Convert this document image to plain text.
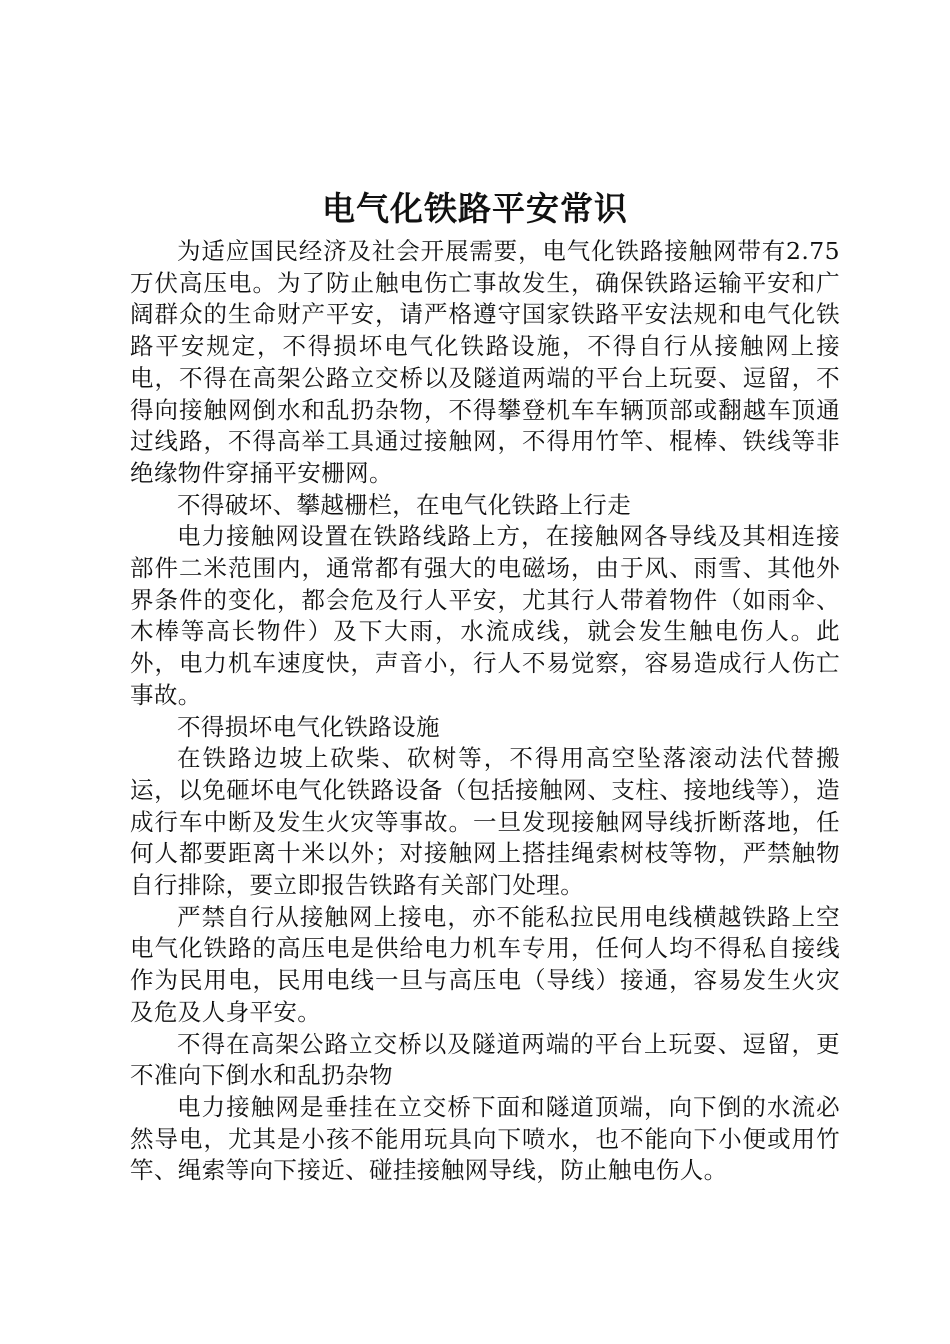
电气化铁路平安常识

为适应国民经济及社会开展需要，电气化铁路接触网带有2.75万伏高压电。为了防止触电伤亡事故发生，确保铁路运输平安和广阔群众的生命财产平安，请严格遵守国家铁路平安法规和电气化铁路平安规定，不得损坏电气化铁路设施，不得自行从接触网上接电，不得在高架公路立交桥以及隧道两端的平台上玩耍、逗留，不得向接触网倒水和乱扔杂物，不得攀登机车车辆顶部或翻越车顶通过线路，不得高举工具通过接触网，不得用竹竿、棍棒、铁线等非绝缘物件穿捅平安栅网。

不得破坏、攀越栅栏，在电气化铁路上行走

电力接触网设置在铁路线路上方，在接触网各导线及其相连接部件二米范围内，通常都有强大的电磁场，由于风、雨雪、其他外界条件的变化，都会危及行人平安，尤其行人带着物件（如雨伞、木棒等高长物件）及下大雨，水流成线，就会发生触电伤人。此外，电力机车速度快，声音小，行人不易觉察，容易造成行人伤亡事故。

不得损坏电气化铁路设施

在铁路边坡上砍柴、砍树等，不得用高空坠落滚动法代替搬运，以免砸坏电气化铁路设备（包括接触网、支柱、接地线等），造成行车中断及发生火灾等事故。一旦发现接触网导线折断落地，任何人都要距离十米以外；对接触网上搭挂绳索树枝等物，严禁触物自行排除，要立即报告铁路有关部门处理。

严禁自行从接触网上接电，亦不能私拉民用电线横越铁路上空电气化铁路的高压电是供给电力机车专用，任何人均不得私自接线作为民用电，民用电线一旦与高压电（导线）接通，容易发生火灾及危及人身平安。

不得在高架公路立交桥以及隧道两端的平台上玩耍、逗留，更不准向下倒水和乱扔杂物

电力接触网是垂挂在立交桥下面和隧道顶端，向下倒的水流必然导电，尤其是小孩不能用玩具向下喷水，也不能向下小便或用竹竿、绳索等向下接近、碰挂接触网导线，防止触电伤人。
